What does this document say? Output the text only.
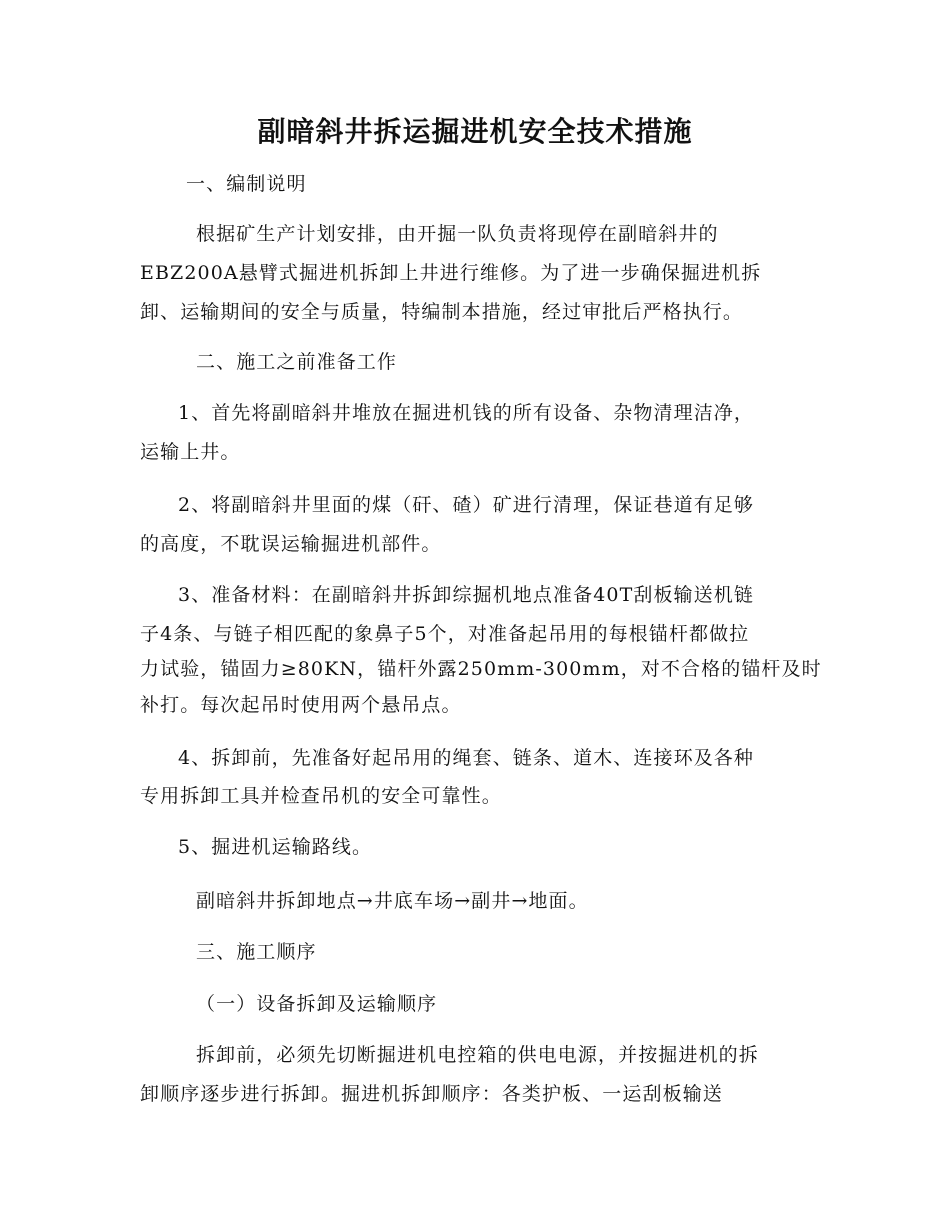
副暗斜井拆运掘进机安全技术措施
一、编制说明
根据矿生产计划安排，由开掘一队负责将现停在副暗斜井的
EBZ200A悬臂式掘进机拆卸上井进行维修。为了进一步确保掘进机拆
卸、运输期间的安全与质量，特编制本措施，经过审批后严格执行。
二、施工之前准备工作
1、首先将副暗斜井堆放在掘进机钱的所有设备、杂物清理洁净，
运输上井。
2、将副暗斜井里面的煤（矸、碴）矿进行清理，保证巷道有足够
的高度，不耽误运输掘进机部件。
3、准备材料：在副暗斜井拆卸综掘机地点准备40T刮板输送机链
子4条、与链子相匹配的象鼻子5个，对准备起吊用的每根锚杆都做拉
力试验，锚固力≥80KN，锚杆外露250mm-300mm，对不合格的锚杆及时
补打。每次起吊时使用两个悬吊点。
4、拆卸前，先准备好起吊用的绳套、链条、道木、连接环及各种
专用拆卸工具并检查吊机的安全可靠性。
5、掘进机运输路线。
副暗斜井拆卸地点→井底车场→副井→地面。
三、施工顺序
（一）设备拆卸及运输顺序
拆卸前，必须先切断掘进机电控箱的供电电源，并按掘进机的拆
卸顺序逐步进行拆卸。掘进机拆卸顺序：各类护板、一运刮板输送
